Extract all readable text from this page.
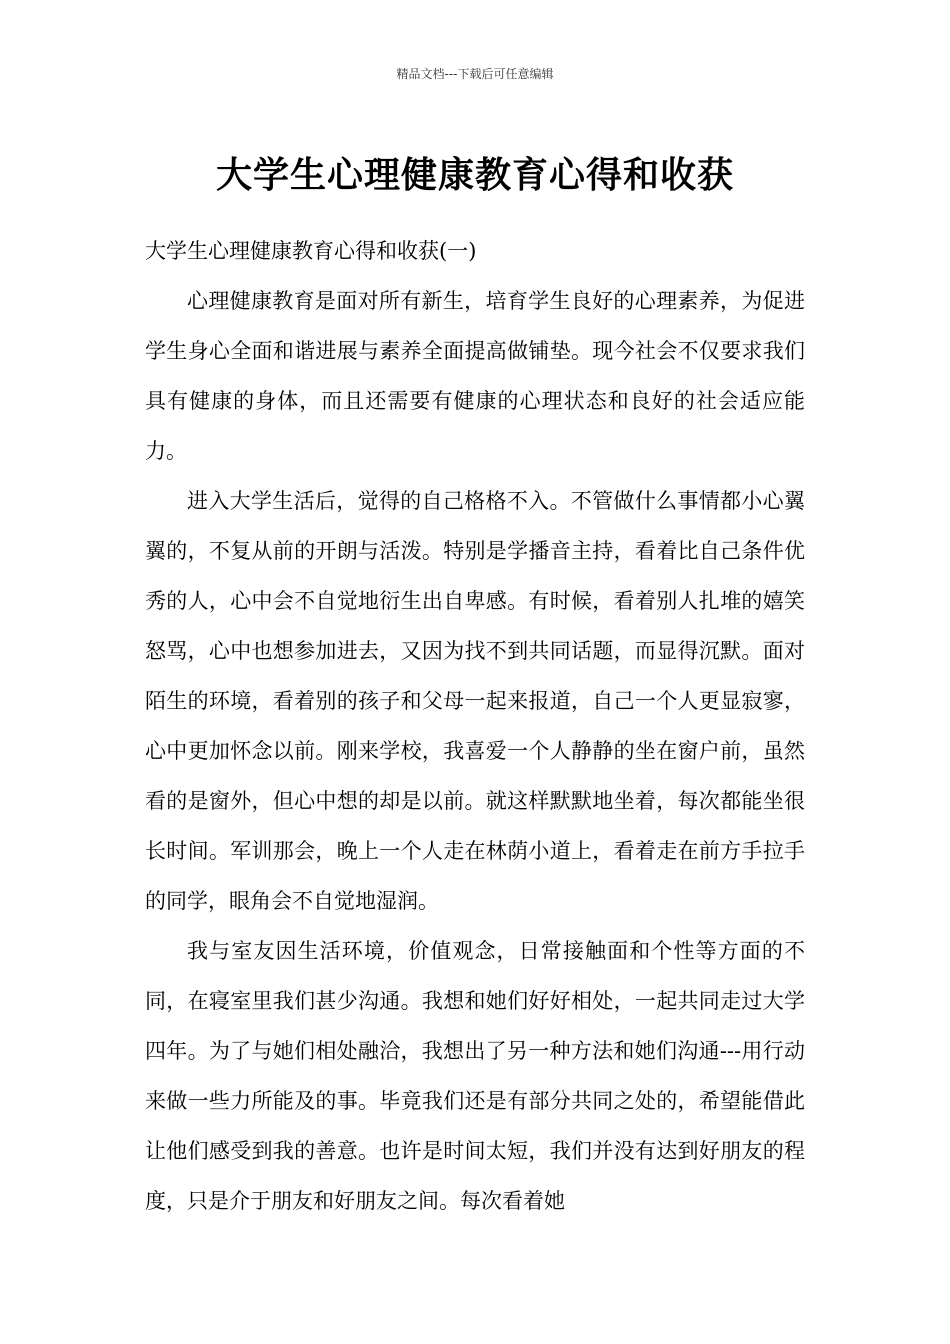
精品文档---下载后可任意编辑
大学生心理健康教育心得和收获

大学生心理健康教育心得和收获(一)

心理健康教育是面对所有新生，培育学生良好的心理素养，为促进学生身心全面和谐进展与素养全面提高做铺垫。现今社会不仅要求我们具有健康的身体，而且还需要有健康的心理状态和良好的社会适应能力。

进入大学生活后，觉得的自己格格不入。不管做什么事情都小心翼翼的，不复从前的开朗与活泼。特别是学播音主持，看着比自己条件优秀的人，心中会不自觉地衍生出自卑感。有时候，看着别人扎堆的嬉笑怒骂，心中也想参加进去，又因为找不到共同话题，而显得沉默。面对陌生的环境，看着别的孩子和父母一起来报道，自己一个人更显寂寥，心中更加怀念以前。刚来学校，我喜爱一个人静静的坐在窗户前，虽然看的是窗外，但心中想的却是以前。就这样默默地坐着，每次都能坐很长时间。军训那会，晚上一个人走在林荫小道上，看着走在前方手拉手的同学，眼角会不自觉地湿润。

我与室友因生活环境，价值观念，日常接触面和个性等方面的不同，在寝室里我们甚少沟通。我想和她们好好相处，一起共同走过大学四年。为了与她们相处融洽，我想出了另一种方法和她们沟通---用行动来做一些力所能及的事。毕竟我们还是有部分共同之处的，希望能借此让他们感受到我的善意。也许是时间太短，我们并没有达到好朋友的程度，只是介于朋友和好朋友之间。每次看着她
